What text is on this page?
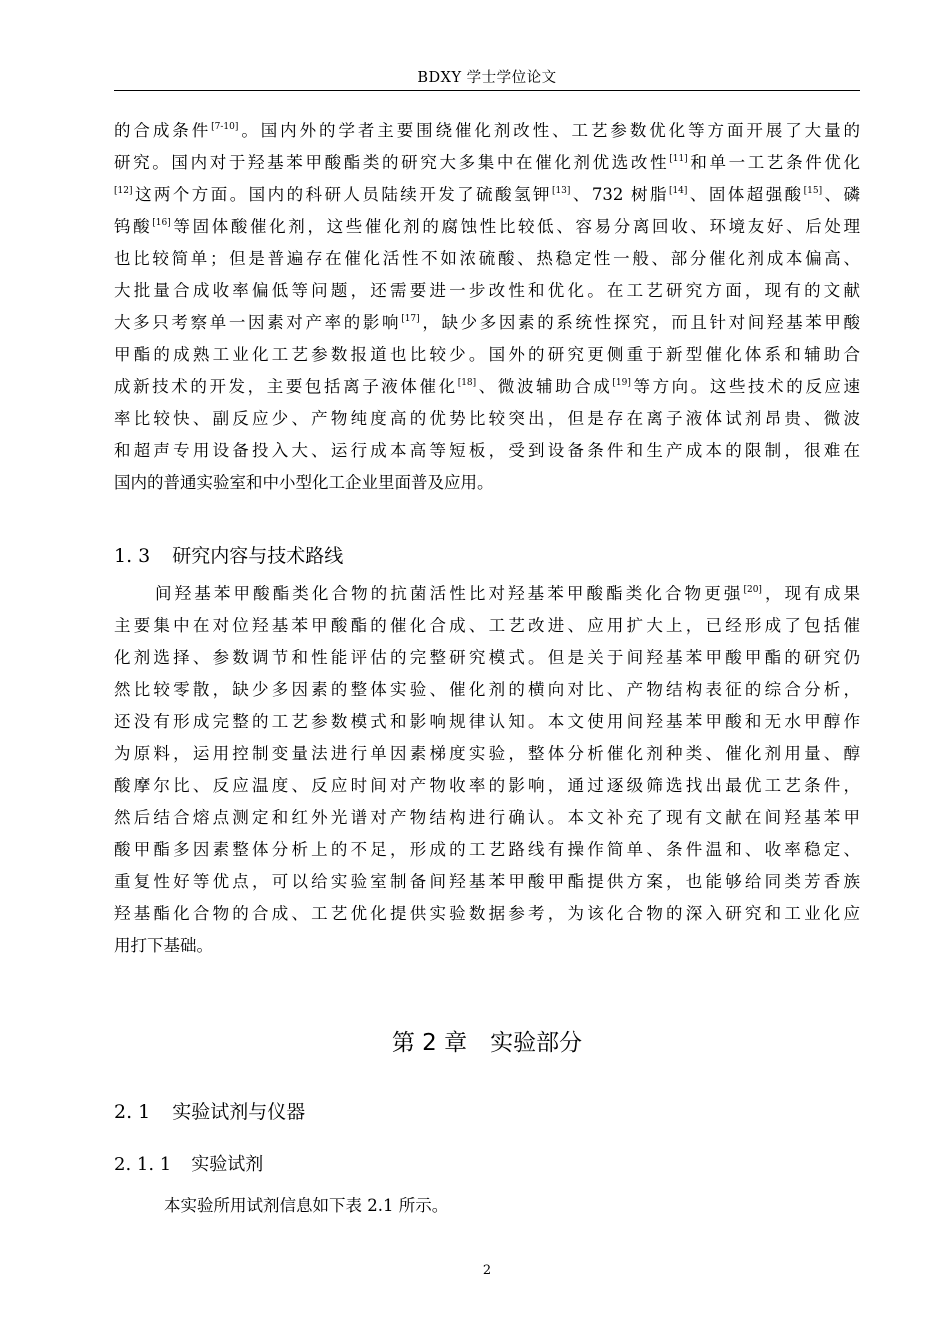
BDXY 学士学位论文
的合成条件[7-10]。国内外的学者主要围绕催化剂改性、工艺参数优化等方面开展了大量的
研究。国内对于羟基苯甲酸酯类的研究大多集中在催化剂优选改性[11]和单一工艺条件优化
[12]这两个方面。国内的科研人员陆续开发了硫酸氢钾[13]、732 树脂[14]、固体超强酸[15]、磷
钨酸[16]等固体酸催化剂，这些催化剂的腐蚀性比较低、容易分离回收、环境友好、后处理
也比较简单；但是普遍存在催化活性不如浓硫酸、热稳定性一般、部分催化剂成本偏高、
大批量合成收率偏低等问题，还需要进一步改性和优化。在工艺研究方面，现有的文献
大多只考察单一因素对产率的影响[17]，缺少多因素的系统性探究，而且针对间羟基苯甲酸
甲酯的成熟工业化工艺参数报道也比较少。国外的研究更侧重于新型催化体系和辅助合
成新技术的开发，主要包括离子液体催化[18]、微波辅助合成[19]等方向。这些技术的反应速
率比较快、副反应少、产物纯度高的优势比较突出，但是存在离子液体试剂昂贵、微波
和超声专用设备投入大、运行成本高等短板，受到设备条件和生产成本的限制，很难在
国内的普通实验室和中小型化工企业里面普及应用。
1. 3 研究内容与技术路线
间羟基苯甲酸酯类化合物的抗菌活性比对羟基苯甲酸酯类化合物更强[20]，现有成果
主要集中在对位羟基苯甲酸酯的催化合成、工艺改进、应用扩大上，已经形成了包括催
化剂选择、参数调节和性能评估的完整研究模式。但是关于间羟基苯甲酸甲酯的研究仍
然比较零散，缺少多因素的整体实验、催化剂的横向对比、产物结构表征的综合分析，
还没有形成完整的工艺参数模式和影响规律认知。本文使用间羟基苯甲酸和无水甲醇作
为原料，运用控制变量法进行单因素梯度实验，整体分析催化剂种类、催化剂用量、醇
酸摩尔比、反应温度、反应时间对产物收率的影响，通过逐级筛选找出最优工艺条件，
然后结合熔点测定和红外光谱对产物结构进行确认。本文补充了现有文献在间羟基苯甲
酸甲酯多因素整体分析上的不足，形成的工艺路线有操作简单、条件温和、收率稳定、
重复性好等优点，可以给实验室制备间羟基苯甲酸甲酯提供方案，也能够给同类芳香族
羟基酯化合物的合成、工艺优化提供实验数据参考，为该化合物的深入研究和工业化应
用打下基础。
第 2 章　实验部分
2. 1 实验试剂与仪器
2. 1. 1 实验试剂
本实验所用试剂信息如下表 2.1 所示。
2
